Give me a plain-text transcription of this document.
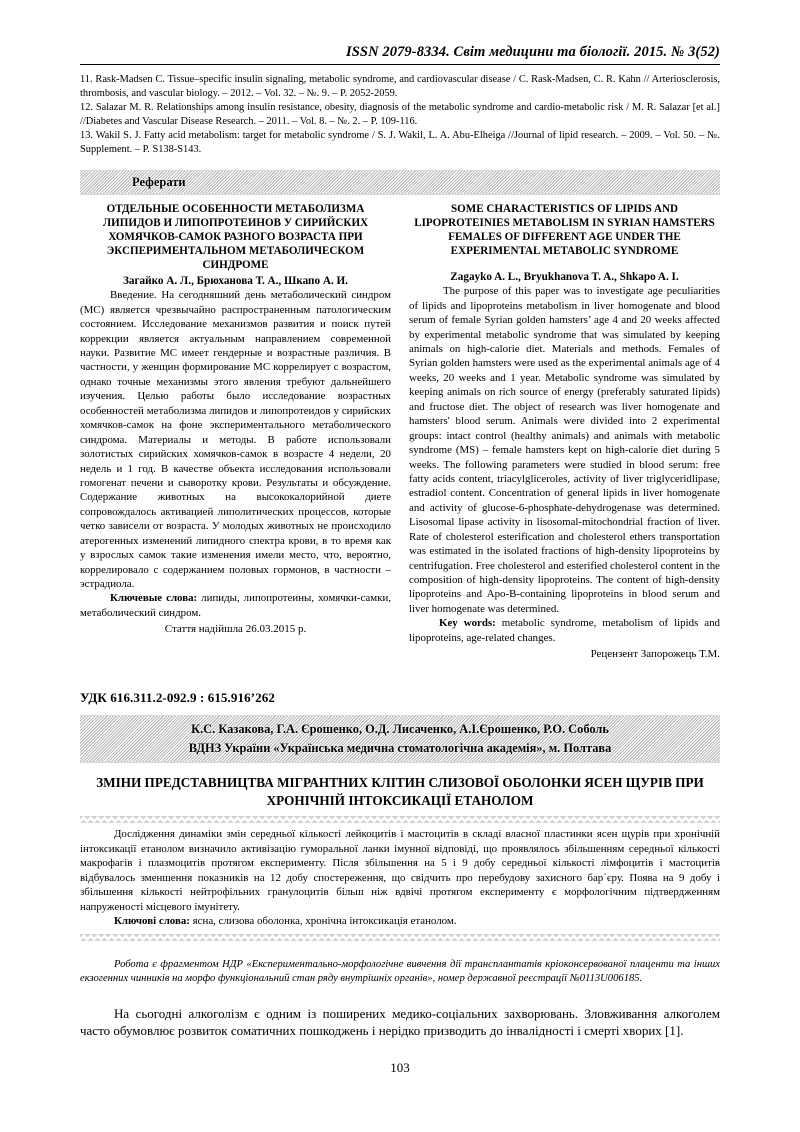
ISSN 2079-8334. Світ медицини та біології. 2015. № 3(52)

11. Rask-Madsen C. Tissue–specific insulin signaling, metabolic syndrome, and cardiovascular disease / C. Rask-Madsen, C. R. Kahn // Arteriosclerosis, thrombosis, and vascular biology. – 2012. – Vol. 32. – №. 9. – P. 2052-2059.

12. Salazar M. R. Relationships among insulin resistance, obesity, diagnosis of the metabolic syndrome and cardio-metabolic risk / M. R. Salazar [et al.] //Diabetes and Vascular Disease Research. – 2011. – Vol. 8. – №. 2. – P. 109-116.

13. Wakil S. J. Fatty acid metabolism: target for metabolic syndrome / S. J. Wakil, L. A. Abu-Elheiga //Journal of lipid research. – 2009. – Vol. 50. – №. Supplement. – P. S138-S143.

Реферати
ОТДЕЛЬНЫЕ ОСОБЕННОСТИ МЕТАБОЛИЗМА ЛИПИДОВ И ЛИПОПРОТЕИНОВ У СИРИЙСКИХ ХОМЯЧКОВ-САМОК РАЗНОГО ВОЗРАСТА ПРИ ЭКСПЕРИМЕНТАЛЬНОМ МЕТАБОЛИЧЕСКОМ СИНДРОМЕ
Загайко А. Л., Брюханова Т. А., Шкапо А. И.

Введение. На сегодняшний день метаболический синдром (МС) является чрезвычайно распространенным патологическим состоянием. Исследование механизмов развития и поиск путей коррекции является актуальным направлением современной науки. Развитие МС имеет гендерные и возрастные различия. В частности, у женщин формирование МС коррелирует с возрастом, однако точные механизмы этого явления требуют дальнейшего изучения. Целью работы было исследование возрастных особенностей метаболизма липидов и липопротеидов у сирийских хомячков-самок на фоне экспериментального метаболического синдрома. Материалы и методы. В работе использовали золотистых сирийских хомячков-самок в возрасте 4 недели, 20 недель и 1 год. В качестве объекта исследования использовали гомогенат печени и сыворотку крови. Результаты и обсуждение. Содержание животных на высококалорийной диете сопровождалось активацией липолитических процессов, которые четко зависели от возраста. У молодых животных не происходило атерогенных изменений липидного спектра крови, в то время как у взрослых самок такие изменения имели место, что, вероятно, коррелировало с содержанием половых гормонов, в частности – эстрадиола.

Ключевые слова: липиды, липопротеины, хомячки-самки, метаболический синдром.

Стаття надійшла 26.03.2015 р.
SOME CHARACTERISTICS OF LIPIDS AND LIPOPROTEINIES METABOLISM IN SYRIAN HAMSTERS FEMALES OF DIFFERENT AGE UNDER THE EXPERIMENTAL METABOLIC SYNDROME
Zagayko A. L., Bryukhanova T. A., Shkapo A. I.

The purpose of this paper was to investigate age peculiarities of lipids and lipoproteins metabolism in liver homogenate and blood serum of female Syrian golden hamsters’ age 4 and 20 weeks affected by experimental metabolic syndrome that was simulated by keeping animals on high-calorie diet. Materials and methods. Females of Syrian golden hamsters were used as the experimental animals age of 4 weeks, 20 weeks and 1 year. Metabolic syndrome was simulated by keeping animals on rich source of energy (preferably saturated lipids) and fructose diet. The object of research was liver homogenate and hamsters' blood serum. Animals were divided into 2 experimental groups: intact control (healthy animals) and animals with metabolic syndrome (MS) – female hamsters kept on high-calorie diet during 5 weeks. The following parameters were studied in blood serum: free fatty acids content, triacylgliceroles, activity of liver triglyceridlipase, estradiol content. Concentration of general lipids in liver homogenate and activity of glucose-6-phosphate-dehydrogenase was determined. Lisosomal lipase activity in lisosomal-mitochondrial fraction of liver. Rate of cholesterol esterification and cholesterol ethers transportation was estimated in the isolated fractions of high-density lipoproteins by centrifugation. Free cholesterol and esterified cholesterol content in the composition of high-density lipoproteins. The content of high-density lipoproteins and Apo-B-containing lipoproteins in blood serum and liver homogenate was determined.

Key words: metabolic syndrome, metabolism of lipids and lipoproteins, age-related changes.

Рецензент Запорожець Т.М.
УДК 616.311.2-092.9 : 615.916’262
К.С. Казакова, Г.А. Єрошенко, О.Д. Лисаченко, А.І.Єрошенко, Р.О. Соболь
ВДНЗ України «Українська медична стоматологічна академія», м. Полтава
ЗМІНИ ПРЕДСТАВНИЦТВА МІГРАНТНИХ КЛІТИН СЛИЗОВОЇ ОБОЛОНКИ ЯСЕН ЩУРІВ ПРИ ХРОНІЧНІЙ ІНТОКСИКАЦІЇ ЕТАНОЛОМ

Дослідження динаміки змін середньої кількості лейкоцитів і мастоцитів в складі власної пластинки ясен щурів при хронічній інтоксикації етанолом визначило активізацію гуморальної ланки імунної відповіді, що проявлялось збільшенням середньої кількості макрофагів і плазмоцитів протягом експерименту. Після збільшення на 5 і 9 добу середньої кількості лімфоцитів і мастоцитів відбувалось зменшення показників на 12 добу спостереження, що свідчить про перебудову захисного бар`єру. Поява на 9 добу і збільшення кількості нейтрофільних гранулоцитів більш ніж вдвічі протягом експерименту є морфологічним підтвердженням напруженості місцевого імунітету.

Ключові слова: ясна, слизова оболонка, хронічна інтоксикація етанолом.

Робота є фрагментом НДР «Експериментально-морфологічне вивчення дії трансплантатів кріоконсервованої плаценти та інших екзогенних чинників на морфо функціональний стан ряду внутрішніх органів», номер державної реєстрації №0113U006185.

На сьогодні алкоголізм є одним із поширених медико-соціальних захворювань. Зловживання алкоголем часто обумовлює розвиток соматичних пошкоджень і нерідко призводить до інвалідності і смерті хворих [1].

103
